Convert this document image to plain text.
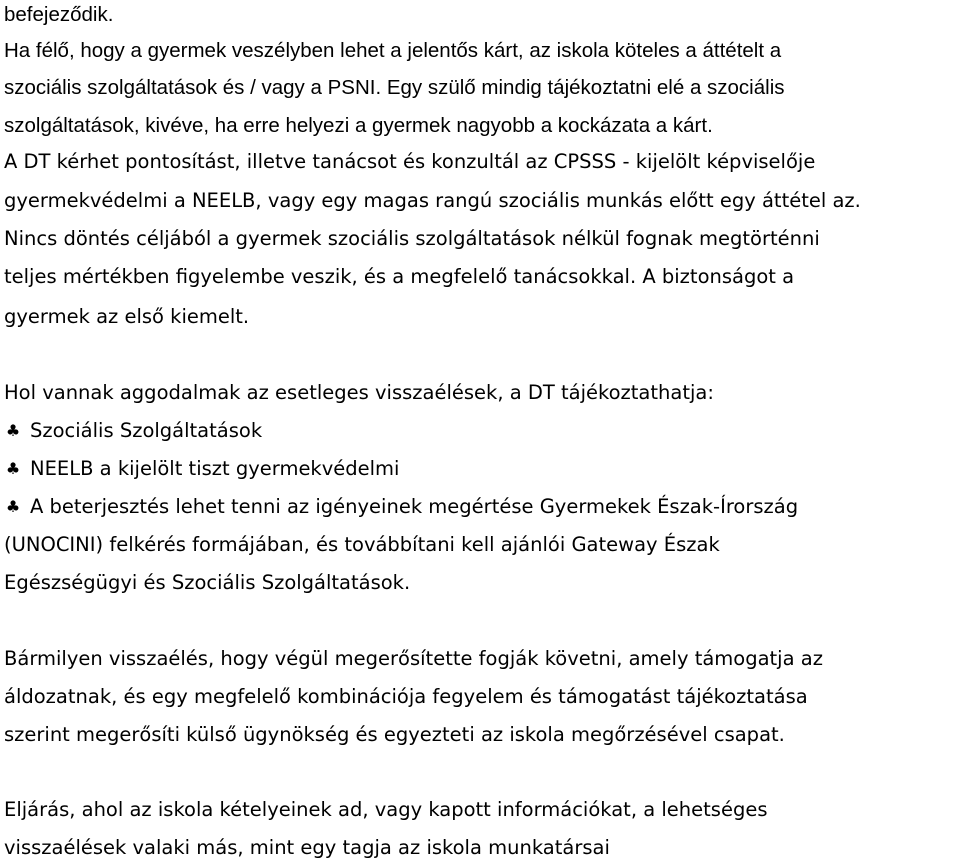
befejeződik.
Ha félő, hogy a gyermek veszélyben lehet a jelentős kárt, az iskola köteles a áttételt a
szociális szolgáltatások és / vagy a PSNI. Egy szülő mindig tájékoztatni elé a szociális
szolgáltatások, kivéve, ha erre helyezi a gyermek nagyobb a kockázata a kárt.
A DT kérhet pontosítást, illetve tanácsot és konzultál az CPSSS - kijelölt képviselője
gyermekvédelmi a NEELB, vagy egy magas rangú szociális munkás előtt egy áttétel az.
Nincs döntés céljából a gyermek szociális szolgáltatások nélkül fognak megtörténni
teljes mértékben figyelembe veszik, és a megfelelő tanácsokkal. A biztonságot a
gyermek az első kiemelt.
Hol vannak aggodalmak az esetleges visszaélések, a DT tájékoztathatja:
♣ Szociális Szolgáltatások
♣ NEELB a kijelölt tiszt gyermekvédelmi
♣ A beterjesztés lehet tenni az igényeinek megértése Gyermekek Észak-Írország
(UNOCINI) felkérés formájában, és továbbítani kell ajánlói Gateway Észak
Egészségügyi és Szociális Szolgáltatások.
Bármilyen visszaélés, hogy végül megerősítette fogják követni, amely támogatja az
áldozatnak, és egy megfelelő kombinációja fegyelem és támogatást tájékoztatása
szerint megerősíti külső ügynökség és egyezteti az iskola megőrzésével csapat.
Eljárás, ahol az iskola kételyeinek ad, vagy kapott információkat, a lehetséges
visszaélések valaki más, mint egy tagja az iskola munkatársai
